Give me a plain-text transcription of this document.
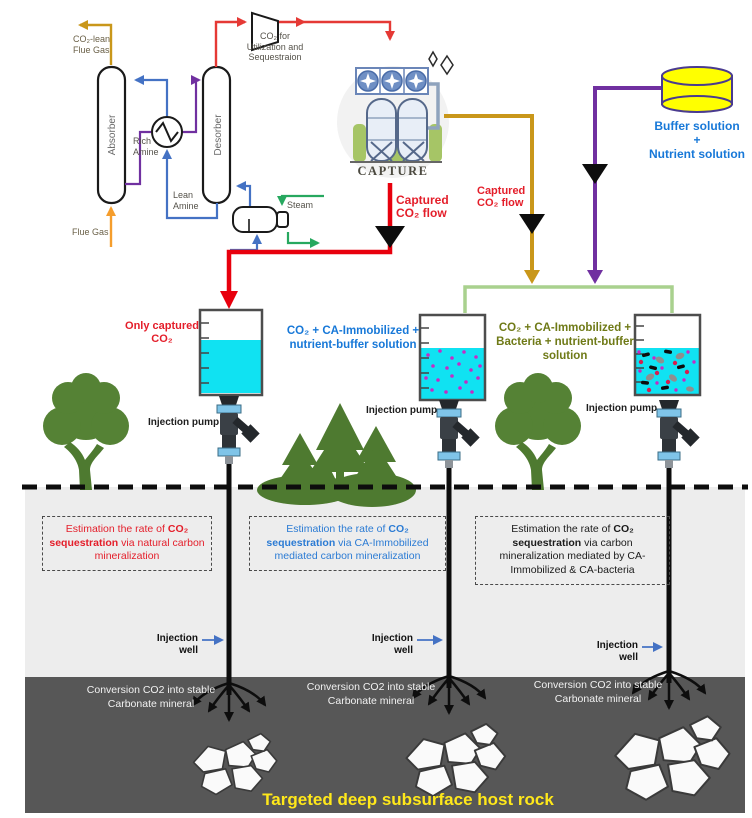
Absorber	Desorber
CO₂-lean
Flue Gas
Flue Gas
Rich
Amine
Lean
Amine	Steam
CO₂ for
Utilization and
Sequestraion
CAPTURE
Captured CO₂ flow
Captured CO₂ flow
Buffer solution
+
Nutrient solution
Only captured CO₂
CO₂ + CA-Immobilized + nutrient-buffer solution
CO₂ + CA-Immobilized + Bacteria + nutrient-buffer solution
Injection pump
Injection pump	Injection pump
Estimation the rate of CO₂ sequestration via natural carbon mineralization
Estimation the rate of CO₂ sequestration via CA-Immobilized mediated carbon mineralization
Estimation the rate of CO₂ sequestration via carbon mineralization mediated by CA-Immobilized & CA-bacteria
Injection well
Injection well	Injection well
Conversion CO2 into stable Carbonate mineral
Conversion CO2 into stable Carbonate mineral
Conversion CO2 into stable Carbonate mineral
Targeted deep subsurface host rock
